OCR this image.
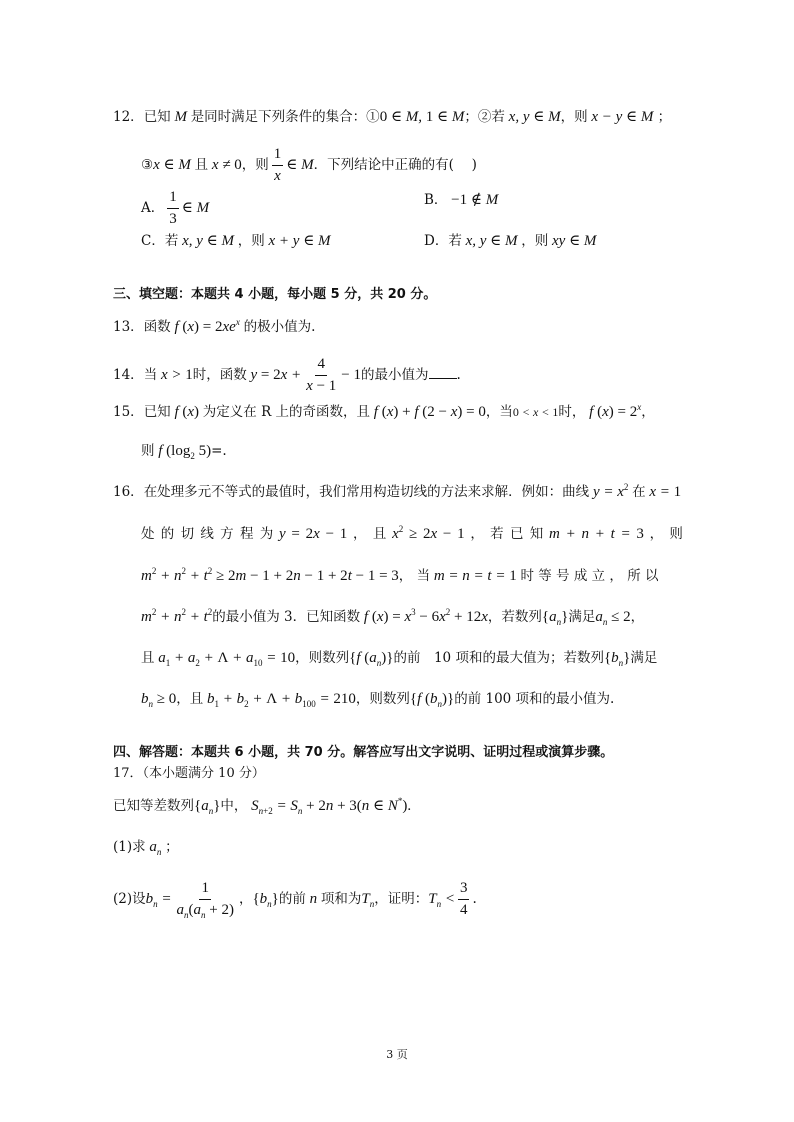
12．已知 M 是同时满足下列条件的集合：①0 ∈ M, 1 ∈ M；②若 x, y ∈ M，则 x − y ∈ M ；
③x ∈ M 且 x ≠ 0，则 $\frac{1}{x}$ ∈ M．下列结论中正确的有(　 )
A． $\frac{1}{3}$ ∈ M	B． −1 ∉ M
C．若 x, y ∈ M ，则 x + y ∈ M	D．若 x, y ∈ M ，则 xy ∈ M
三、填空题：本题共 4 小题，每小题 5 分，共 20 分。
13．函数 f $(x) = 2xe^x$ 的极小值为.
14．当 x > 1时，函数 $y = 2x + \frac{4}{x - 1} - 1$的最小值为 .
15．已知 f (x) 为定义在 R 上的奇函数，且 f (x) + f (2 − x) = 0，当0 < x < 1时， f $(x) = 2^x$，
则 f ($\log_2$ 5)=.
16．在处理多元不等式的最值时，我们常用构造切线的方法来求解．例如：曲线 $y = x^2$ 在 x = 1
处 的 切 线 方 程 为 y = 2x − 1 ， 且 $x^2 \ge 2x - 1$ ， 若 已 知 m + n + t = 3 ， 则
$m^2 + n^2 + t^2 \ge 2m - 1 + 2n - 1 + 2t - 1 = 3$， 当 m = n = t = 1 时 等 号 成 立 ， 所 以
$m^2 + n^2 + t^2$的最小值为 3．已知函数 f $(x) = x^3 - 6x^2 + 12x$，若数列$\{a_n\}$满足$a_n \le 2$，
且 $a_1 + a_2 + \Lambda + a_{10} = 10$，则数列{f $(a_n)$}的前　10 项和的最大值为；若数列$\{b_n\}$满足
$b_n \ge 0$，且 $b_1 + b_2 + \Lambda + b_{100} = 210$，则数列{f $(b_n)$}的前 100 项和的最小值为.
四、解答题：本题共 6 小题，共 70 分。解答应写出文字说明、证明过程或演算步骤。
17．（本小题满分 10 分）
已知等差数列$\{a_n\}$中， $S_{n+2} = S_n + 2n + 3(n$ ∈ N*).
(1)求 $a_n$ ；
(2)设$b_n = \frac{1}{a_n(a_n + 2)}$ ，$\{b_n\}$的前 n 项和为$T_n$，证明：$T_n < \frac{3}{4}$ .
3 页
